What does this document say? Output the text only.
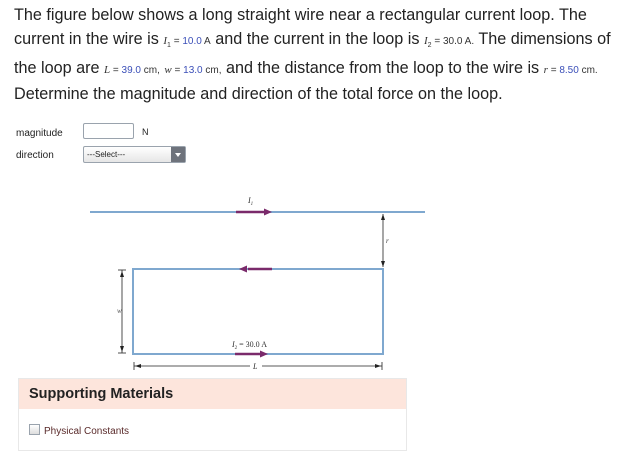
The figure below shows a long straight wire near a rectangular current loop. The current in the wire is $I_1 = 10.0$ A and the current in the loop is $I_2 = 30.0$ A. The dimensions of the loop are L = 39.0 cm, w = 13.0 cm, and the distance from the loop to the wire is r = 8.50 cm. Determine the magnitude and direction of the total force on the loop.
magnitude	N
direction	---Select---
$I_1$
$I_2 = 30.0$ A
r
w
L
Supporting Materials
Physical Constants
